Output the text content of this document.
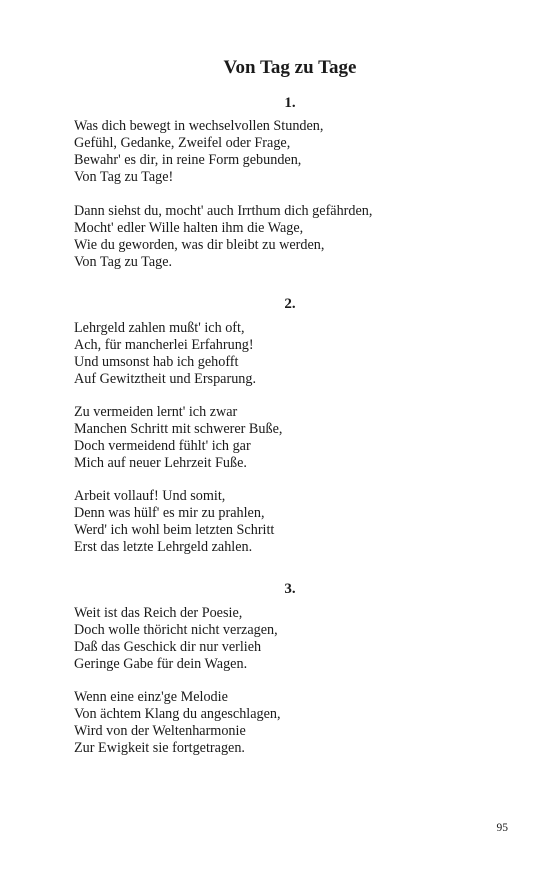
Von Tag zu Tage
1.
Was dich bewegt in wechselvollen Stunden,
Gefühl, Gedanke, Zweifel oder Frage,
Bewahr' es dir, in reine Form gebunden,
Von Tag zu Tage!
Dann siehst du, mocht' auch Irrthum dich gefährden,
Mocht' edler Wille halten ihm die Wage,
Wie du geworden, was dir bleibt zu werden,
Von Tag zu Tage.
2.
Lehrgeld zahlen mußt' ich oft,
Ach, für mancherlei Erfahrung!
Und umsonst hab ich gehofft
Auf Gewitztheit und Ersparung.
Zu vermeiden lernt' ich zwar
Manchen Schritt mit schwerer Buße,
Doch vermeidend fühlt' ich gar
Mich auf neuer Lehrzeit Fuße.
Arbeit vollauf! Und somit,
Denn was hülf' es mir zu prahlen,
Werd' ich wohl beim letzten Schritt
Erst das letzte Lehrgeld zahlen.
3.
Weit ist das Reich der Poesie,
Doch wolle thöricht nicht verzagen,
Daß das Geschick dir nur verlieh
Geringe Gabe für dein Wagen.
Wenn eine einz'ge Melodie
Von ächtem Klang du angeschlagen,
Wird von der Weltenharmonie
Zur Ewigkeit sie fortgetragen.
95
